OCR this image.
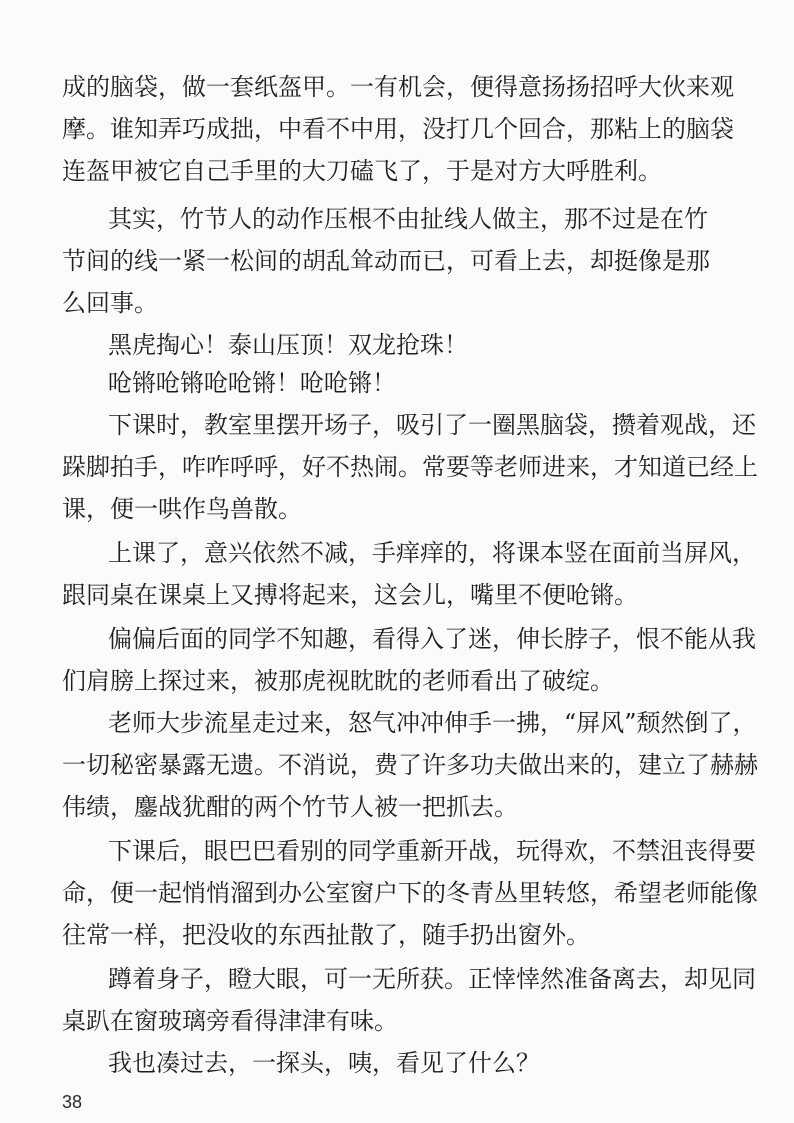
成的脑袋，做一套纸盔甲。一有机会，便得意扬扬招呼大伙来观
摩。谁知弄巧成拙，中看不中用，没打几个回合，那粘上的脑袋
连盔甲被它自己手里的大刀磕飞了，于是对方大呼胜利。
其实，竹节人的动作压根不由扯线人做主，那不过是在竹
节间的线一紧一松间的胡乱耸动而已，可看上去，却挺像是那
么回事。
黑虎掏心！泰山压顶！双龙抢珠！
呛锵呛锵呛呛锵！呛呛锵！
下课时，教室里摆开场子，吸引了一圈黑脑袋，攒着观战，还
跺脚拍手，咋咋呼呼，好不热闹。常要等老师进来，才知道已经上
课，便一哄作鸟兽散。
上课了，意兴依然不减，手痒痒的，将课本竖在面前当屏风，
跟同桌在课桌上又搏将起来，这会儿，嘴里不便呛锵。
偏偏后面的同学不知趣，看得入了迷，伸长脖子，恨不能从我
们肩膀上探过来，被那虎视眈眈的老师看出了破绽。
老师大步流星走过来，怒气冲冲伸手一拂，“屏风”颓然倒了，
一切秘密暴露无遗。不消说，费了许多功夫做出来的，建立了赫赫
伟绩，鏖战犹酣的两个竹节人被一把抓去。
下课后，眼巴巴看别的同学重新开战，玩得欢，不禁沮丧得要
命，便一起悄悄溜到办公室窗户下的冬青丛里转悠，希望老师能像
往常一样，把没收的东西扯散了，随手扔出窗外。
蹲着身子，瞪大眼，可一无所获。正悻悻然准备离去，却见同
桌趴在窗玻璃旁看得津津有味。
我也凑过去，一探头，咦，看见了什么？
38
